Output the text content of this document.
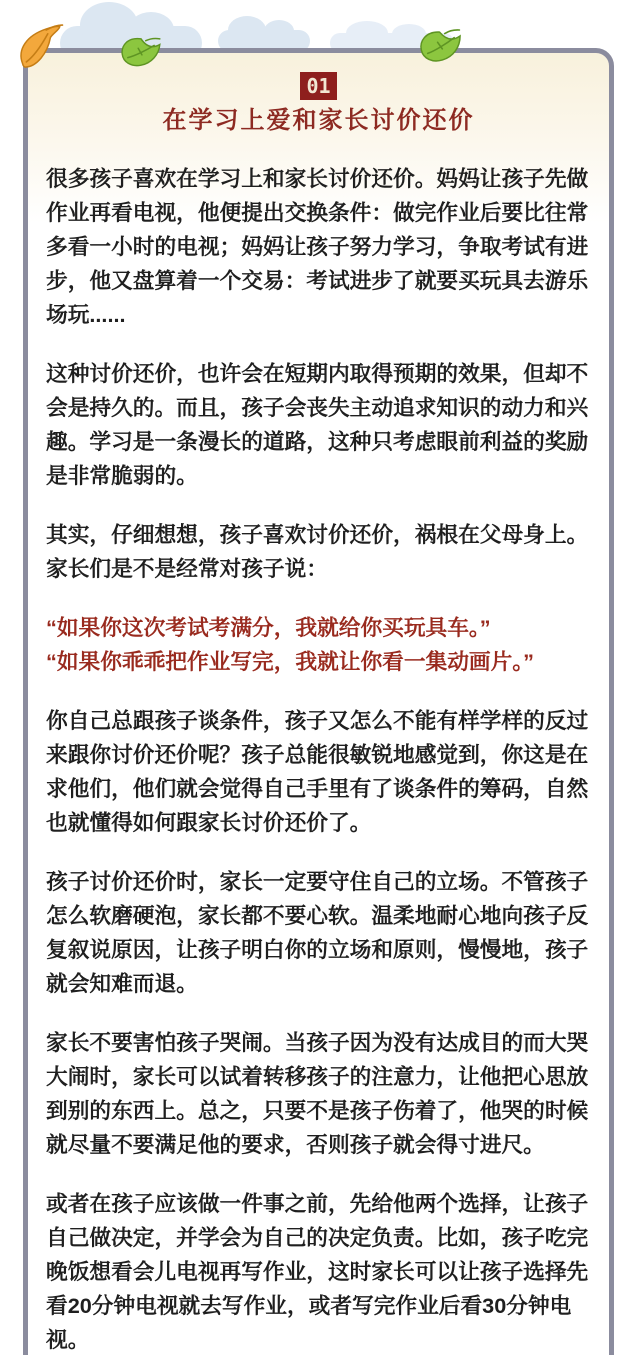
01
在学习上爱和家长讨价还价

很多孩子喜欢在学习上和家长讨价还价。妈妈让孩子先做作业再看电视，他便提出交换条件：做完作业后要比往常多看一小时的电视；妈妈让孩子努力学习，争取考试有进步，他又盘算着一个交易：考试进步了就要买玩具去游乐场玩......

这种讨价还价，也许会在短期内取得预期的效果，但却不会是持久的。而且，孩子会丧失主动追求知识的动力和兴趣。学习是一条漫长的道路，这种只考虑眼前利益的奖励是非常脆弱的。

其实，仔细想想，孩子喜欢讨价还价，祸根在父母身上。家长们是不是经常对孩子说：

“如果你这次考试考满分，我就给你买玩具车。”

“如果你乖乖把作业写完，我就让你看一集动画片。”

你自己总跟孩子谈条件，孩子又怎么不能有样学样的反过来跟你讨价还价呢？孩子总能很敏锐地感觉到，你这是在求他们，他们就会觉得自己手里有了谈条件的筹码，自然也就懂得如何跟家长讨价还价了。

孩子讨价还价时，家长一定要守住自己的立场。不管孩子怎么软磨硬泡，家长都不要心软。温柔地耐心地向孩子反复叙说原因，让孩子明白你的立场和原则，慢慢地，孩子就会知难而退。

家长不要害怕孩子哭闹。当孩子因为没有达成目的而大哭大闹时，家长可以试着转移孩子的注意力，让他把心思放到别的东西上。总之，只要不是孩子伤着了，他哭的时候就尽量不要满足他的要求，否则孩子就会得寸进尺。

或者在孩子应该做一件事之前，先给他两个选择，让孩子自己做决定，并学会为自己的决定负责。比如，孩子吃完晚饭想看会儿电视再写作业，这时家长可以让孩子选择先看20分钟电视就去写作业，或者写完作业后看30分钟电视。
